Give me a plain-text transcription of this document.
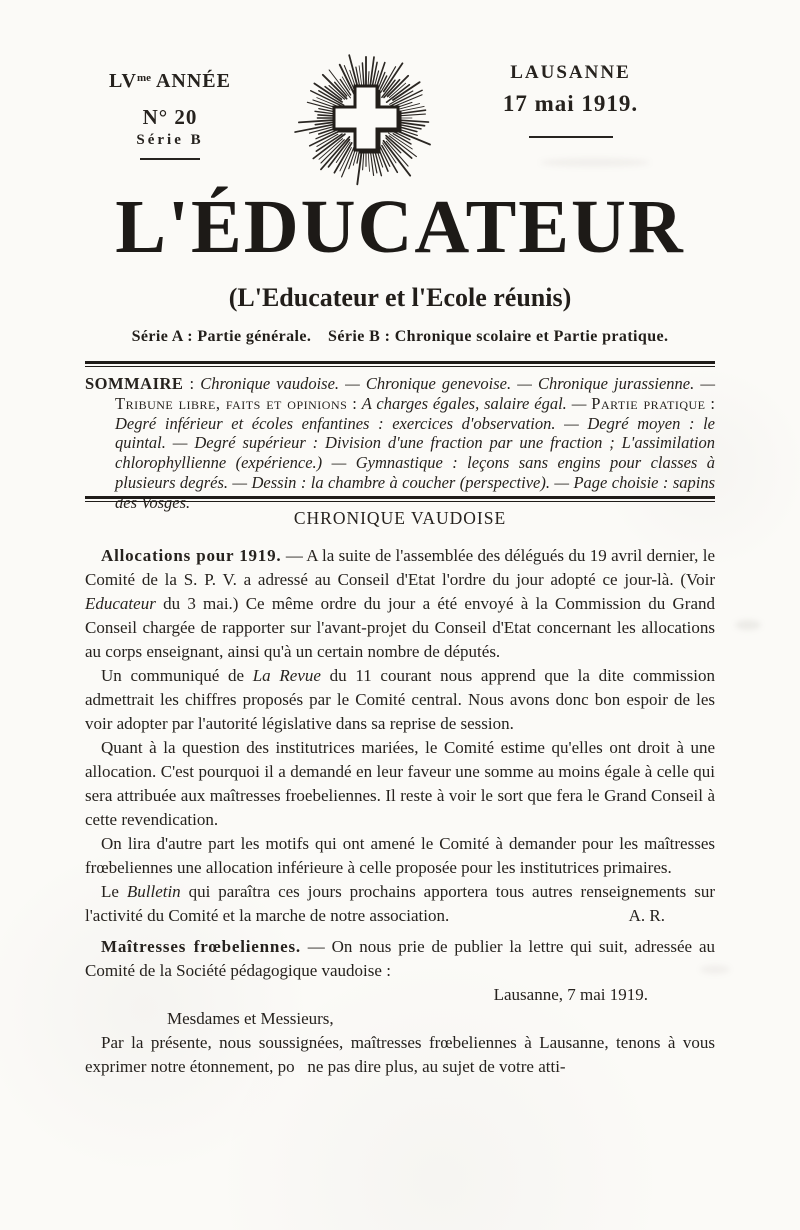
$LV^{me}$ ANNÉE
N° 20
Série B
LAUSANNE
17 mai 1919.
L'ÉDUCATEUR
(L'Educateur et l'Ecole réunis)
Série A : Partie générale.  Série B : Chronique scolaire et Partie pratique.
SOMMAIRE : Chronique vaudoise. — Chronique genevoise. — Chronique jurassienne. — Tribune libre, faits et opinions : A charges égales, salaire égal. — Partie pratique : Degré inférieur et écoles enfantines : exercices d'observation. — Degré moyen : le quintal. — Degré supérieur : Division d'une fraction par une fraction ; L'assimilation chlorophyllienne (expérience.) — Gymnastique : leçons sans engins pour classes à plusieurs degrés. — Dessin : la chambre à coucher (perspective). — Page choisie : sapins des Vosges.
CHRONIQUE VAUDOISE

Allocations pour 1919. — A la suite de l'assemblée des délégués du 19 avril dernier, le Comité de la S. P. V. a adressé au Conseil d'Etat l'ordre du jour adopté ce jour-là. (Voir Educateur du 3 mai.) Ce même ordre du jour a été envoyé à la Commission du Grand Conseil chargée de rapporter sur l'avant-projet du Conseil d'Etat concernant les allocations au corps enseignant, ainsi qu'à un certain nombre de députés.

Un communiqué de La Revue du 11 courant nous apprend que la dite commission admettrait les chiffres proposés par le Comité central. Nous avons donc bon espoir de les voir adopter par l'autorité législative dans sa reprise de session.

Quant à la question des institutrices mariées, le Comité estime qu'elles ont droit à une allocation. C'est pourquoi il a demandé en leur faveur une somme au moins égale à celle qui sera attribuée aux maîtresses froebeliennes. Il reste à voir le sort que fera le Grand Conseil à cette revendication.

On lira d'autre part les motifs qui ont amené le Comité à demander pour les maîtresses frœbeliennes une allocation inférieure à celle proposée pour les institutrices primaires.

Le Bulletin qui paraîtra ces jours prochains apportera tous autres renseignements sur l'activité du Comité et la marche de notre association.	A. R.

Maîtresses frœbeliennes. — On nous prie de publier la lettre qui suit, adressée au Comité de la Société pédagogique vaudoise :

Lausanne, 7 mai 1919.
Mesdames et Messieurs,

Par la présente, nous soussignées, maîtresses frœbeliennes à Lausanne, tenons à vous exprimer notre étonnement, po   ne pas dire plus, au sujet de votre atti-
